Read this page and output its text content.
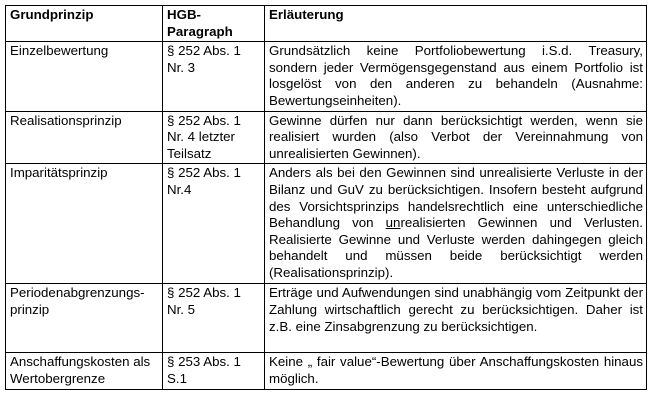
Grundprinzip	HGB-Paragraph	Erläuterung
Einzelbewertung	§ 252 Abs. 1 Nr. 3	Grundsätzlich keine Portfoliobewertung i.S.d. Treasury, sondern jeder Vermögensgegenstand aus einem Portfolio ist losgelöst von den anderen zu behandeln (Ausnahme: Bewertungseinheiten).
Realisationsprinzip	§ 252 Abs. 1 Nr. 4 letzter Teilsatz	Gewinne dürfen nur dann berücksichtigt werden, wenn sie realisiert wurden (also Verbot der Vereinnahmung von unrealisierten Gewinnen).
Imparitätsprinzip	§ 252 Abs. 1 Nr.4	Anders als bei den Gewinnen sind unrealisierte Verluste in der Bilanz und GuV zu berücksichtigen. Insofern besteht aufgrund des Vorsichtsprinzips handelsrechtlich eine unterschiedliche Behandlung von unrealisierten Gewinnen und Verlusten. Realisierte Gewinne und Verluste werden dahingegen gleich behandelt und müssen beide berücksichtigt werden (Realisationsprinzip).
Periodenabgrenzungs-prinzip	§ 252 Abs. 1 Nr. 5	Erträge und Aufwendungen sind unabhängig vom Zeitpunkt der Zahlung wirtschaftlich gerecht zu berücksichtigen. Daher ist z.B. eine Zinsabgrenzung zu berücksichtigen.
Anschaffungskosten als Wertobergrenze	§ 253 Abs. 1 S.1	Keine „ fair value“-Bewertung über Anschaffungskosten hinaus möglich.
